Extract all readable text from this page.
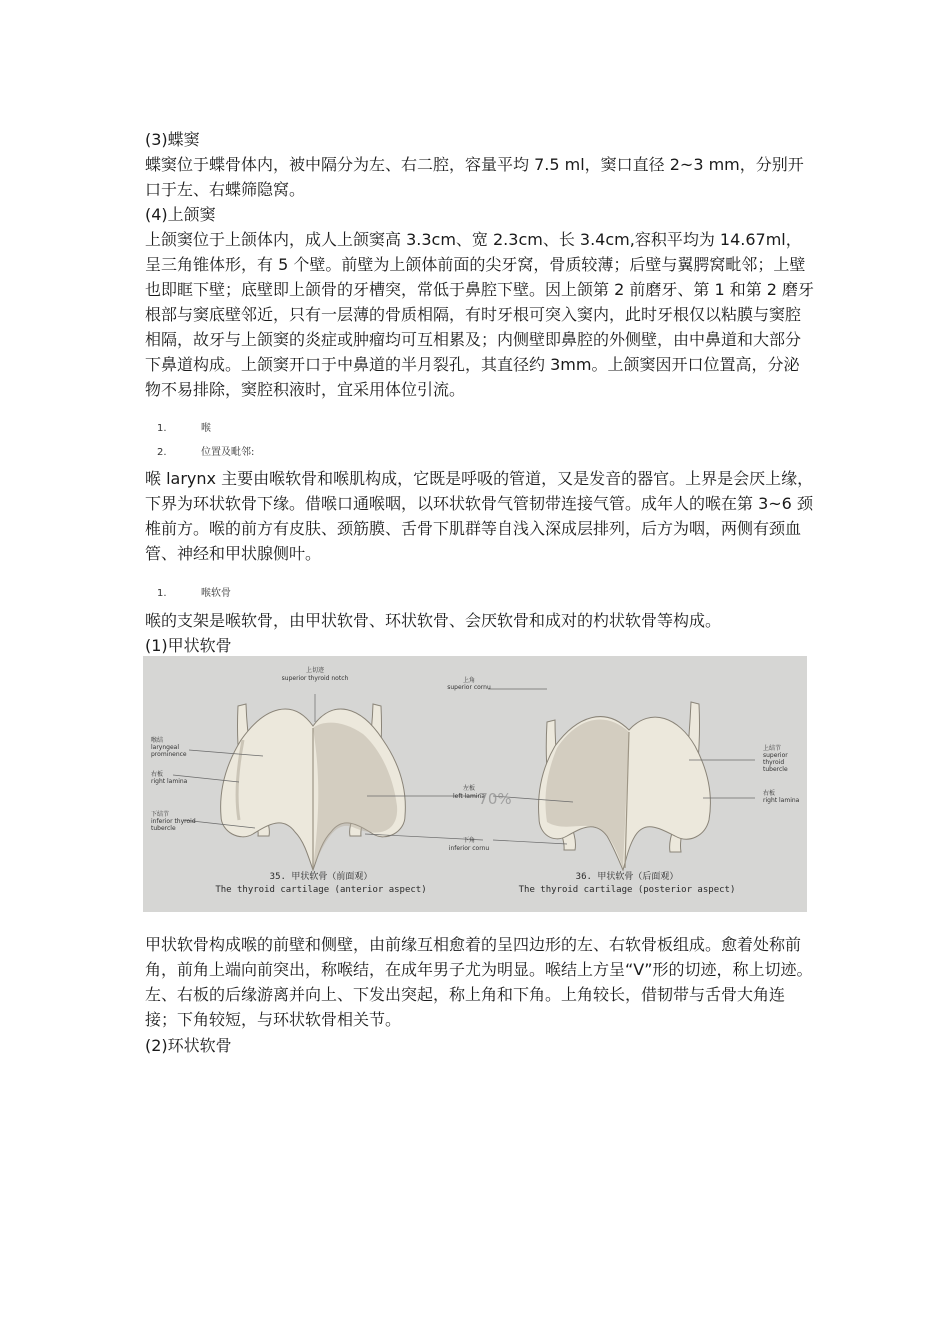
(3)蝶窦

蝶窦位于蝶骨体内，被中隔分为左、右二腔，容量平均 7.5 ml，窦口直径 2~3 mm，分别开口于左、右蝶筛隐窝。

(4)上颌窦

上颌窦位于上颌体内，成人上颌窦高 3.3cm、宽 2.3cm、长 3.4cm,容积平均为 14.67ml，呈三角锥体形，有 5 个壁。前壁为上颌体前面的尖牙窝，骨质较薄；后壁与翼腭窝毗邻；上壁也即眶下壁；底壁即上颌骨的牙槽突，常低于鼻腔下壁。因上颌第 2 前磨牙、第 1 和第 2 磨牙根部与窦底壁邻近，只有一层薄的骨质相隔，有时牙根可突入窦内，此时牙根仅以粘膜与窦腔相隔，故牙与上颌窦的炎症或肿瘤均可互相累及；内侧壁即鼻腔的外侧壁，由中鼻道和大部分下鼻道构成。上颌窦开口于中鼻道的半月裂孔，其直径约 3mm。上颌窦因开口位置高，分泌物不易排除，窦腔积液时，宜采用体位引流。

1.	喉
2.	位置及毗邻:

喉 larynx 主要由喉软骨和喉肌构成，它既是呼吸的管道，又是发音的器官。上界是会厌上缘，下界为环状软骨下缘。借喉口通喉咽，以环状软骨气管韧带连接气管。成年人的喉在第 3~6 颈椎前方。喉的前方有皮肤、颈筋膜、舌骨下肌群等自浅入深成层排列，后方为咽，两侧有颈血管、神经和甲状腺侧叶。

1.	喉软骨

喉的支架是喉软骨，由甲状软骨、环状软骨、会厌软骨和成对的杓状软骨等构成。

(1)甲状软骨

上切迹
superior thyroid notch
喉结
laryngeal
prominence
右板
right lamina
下结节
inferior thyroid
tubercle
上角
superior cornu
左板
left lamina
下角
inferior cornu
上结节
superior
thyroid
tubercle
右板
right lamina
70%
35. 甲状软骨（前面观）
The thyroid cartilage (anterior aspect)
36. 甲状软骨（后面观）
The thyroid cartilage (posterior aspect)

甲状软骨构成喉的前壁和侧壁，由前缘互相愈着的呈四边形的左、右软骨板组成。愈着处称前角，前角上端向前突出，称喉结，在成年男子尤为明显。喉结上方呈“V”形的切迹，称上切迹。左、右板的后缘游离并向上、下发出突起，称上角和下角。上角较长，借韧带与舌骨大角连接；下角较短，与环状软骨相关节。

(2)环状软骨
